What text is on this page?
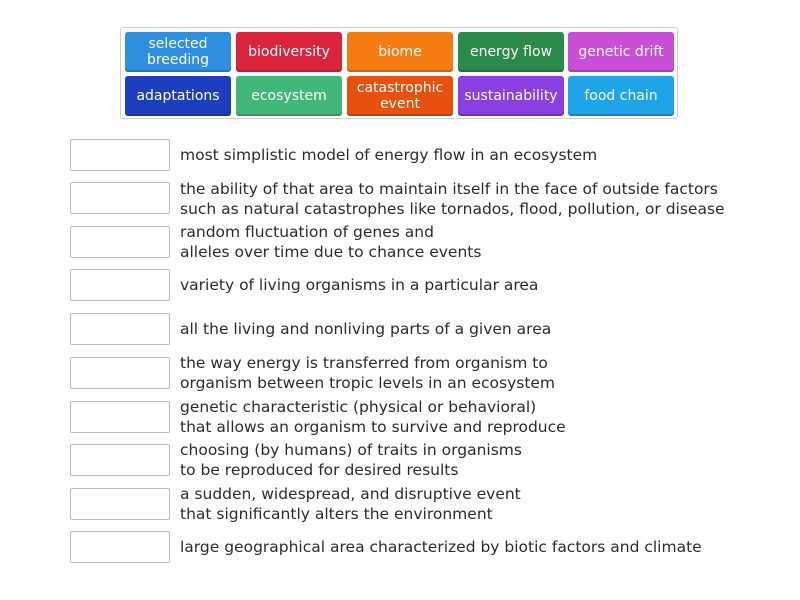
selected breeding	biodiversity	biome	energy flow genetic drift
adaptations ecosystem	catastrophic event	sustainability food chain
most simplistic model of energy flow in an ecosystem
the ability of that area to maintain itself in the face of outside factors
such as natural catastrophes like tornados, flood, pollution, or disease
random fluctuation of genes and
alleles over time due to chance events
variety of living organisms in a particular area
all the living and nonliving parts of a given area
the way energy is transferred from organism to
organism between tropic levels in an ecosystem
genetic characteristic (physical or behavioral)
that allows an organism to survive and reproduce
choosing (by humans) of traits in organisms
to be reproduced for desired results
a sudden, widespread, and disruptive event
that significantly alters the environment
large geographical area characterized by biotic factors and climate
